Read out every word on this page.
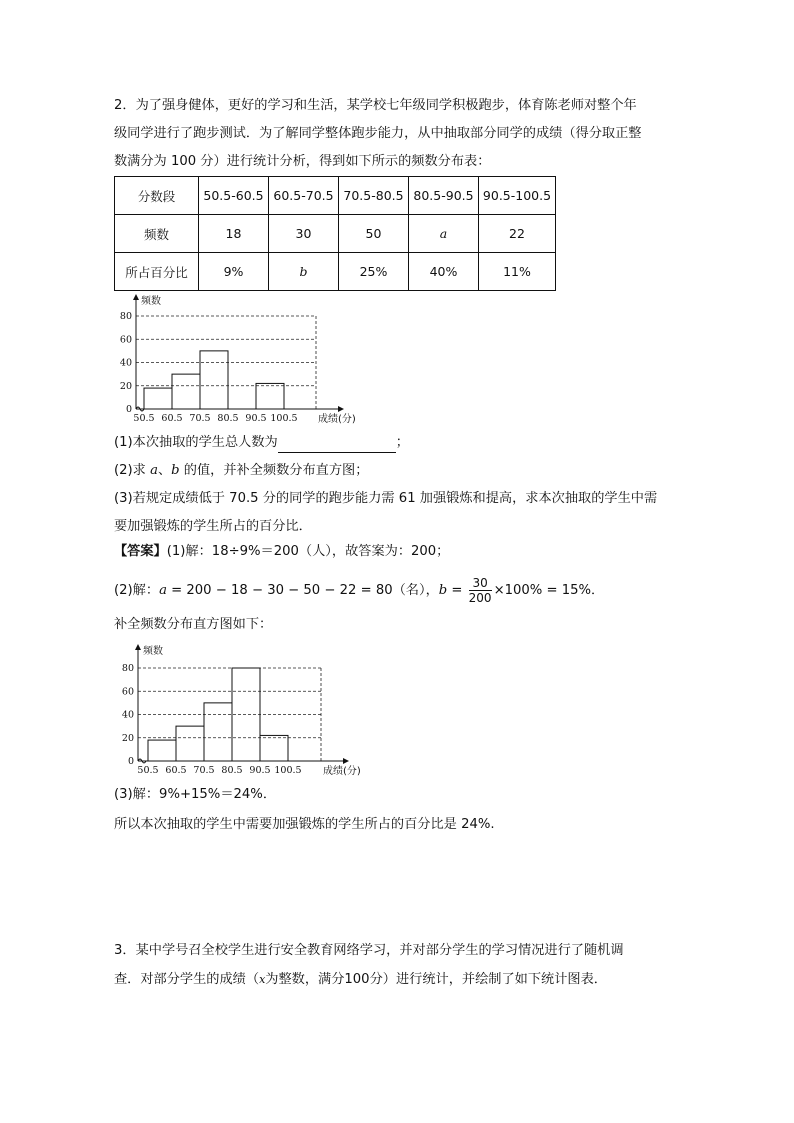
2．为了强身健体，更好的学习和生活，某学校七年级同学积极跑步，体育陈老师对整个年
级同学进行了跑步测试．为了解同学整体跑步能力，从中抽取部分同学的成绩（得分取正整
数满分为 100 分）进行统计分析，得到如下所示的频数分布表：
分数段	50.5-60.5	60.5-70.5	70.5-80.5	80.5-90.5	90.5-100.5
频数	18	30	50	a	22
所占百分比	9%	b	25%	40%	11%
0
20
40
60
80
50.5 60.5 70.5 80.5 90.5 100.5
频数
成绩(分)
(1)本次抽取的学生总人数为	；
(2)求 a、b 的值，并补全频数分布直方图；
(3)若规定成绩低于 70.5 分的同学的跑步能力需 61 加强锻炼和提高，求本次抽取的学生中需
要加强锻炼的学生所占的百分比．
【答案】(1)解：18÷9%＝200（人），故答案为：200；
(2)解：a = 200 − 18 − 30 − 50 − 22 = 80（名），$b = \frac{30}{200} \times 100\% = 15\%$．
补全频数分布直方图如下：
0
20
40
60
80
50.5 60.5 70.5 80.5 90.5 100.5
频数
成绩(分)
(3)解：9%+15%＝24%．
所以本次抽取的学生中需要加强锻炼的学生所占的百分比是 24%.
3．某中学号召全校学生进行安全教育网络学习，并对部分学生的学习情况进行了随机调
查．对部分学生的成绩（x为整数，满分100分）进行统计，并绘制了如下统计图表．
